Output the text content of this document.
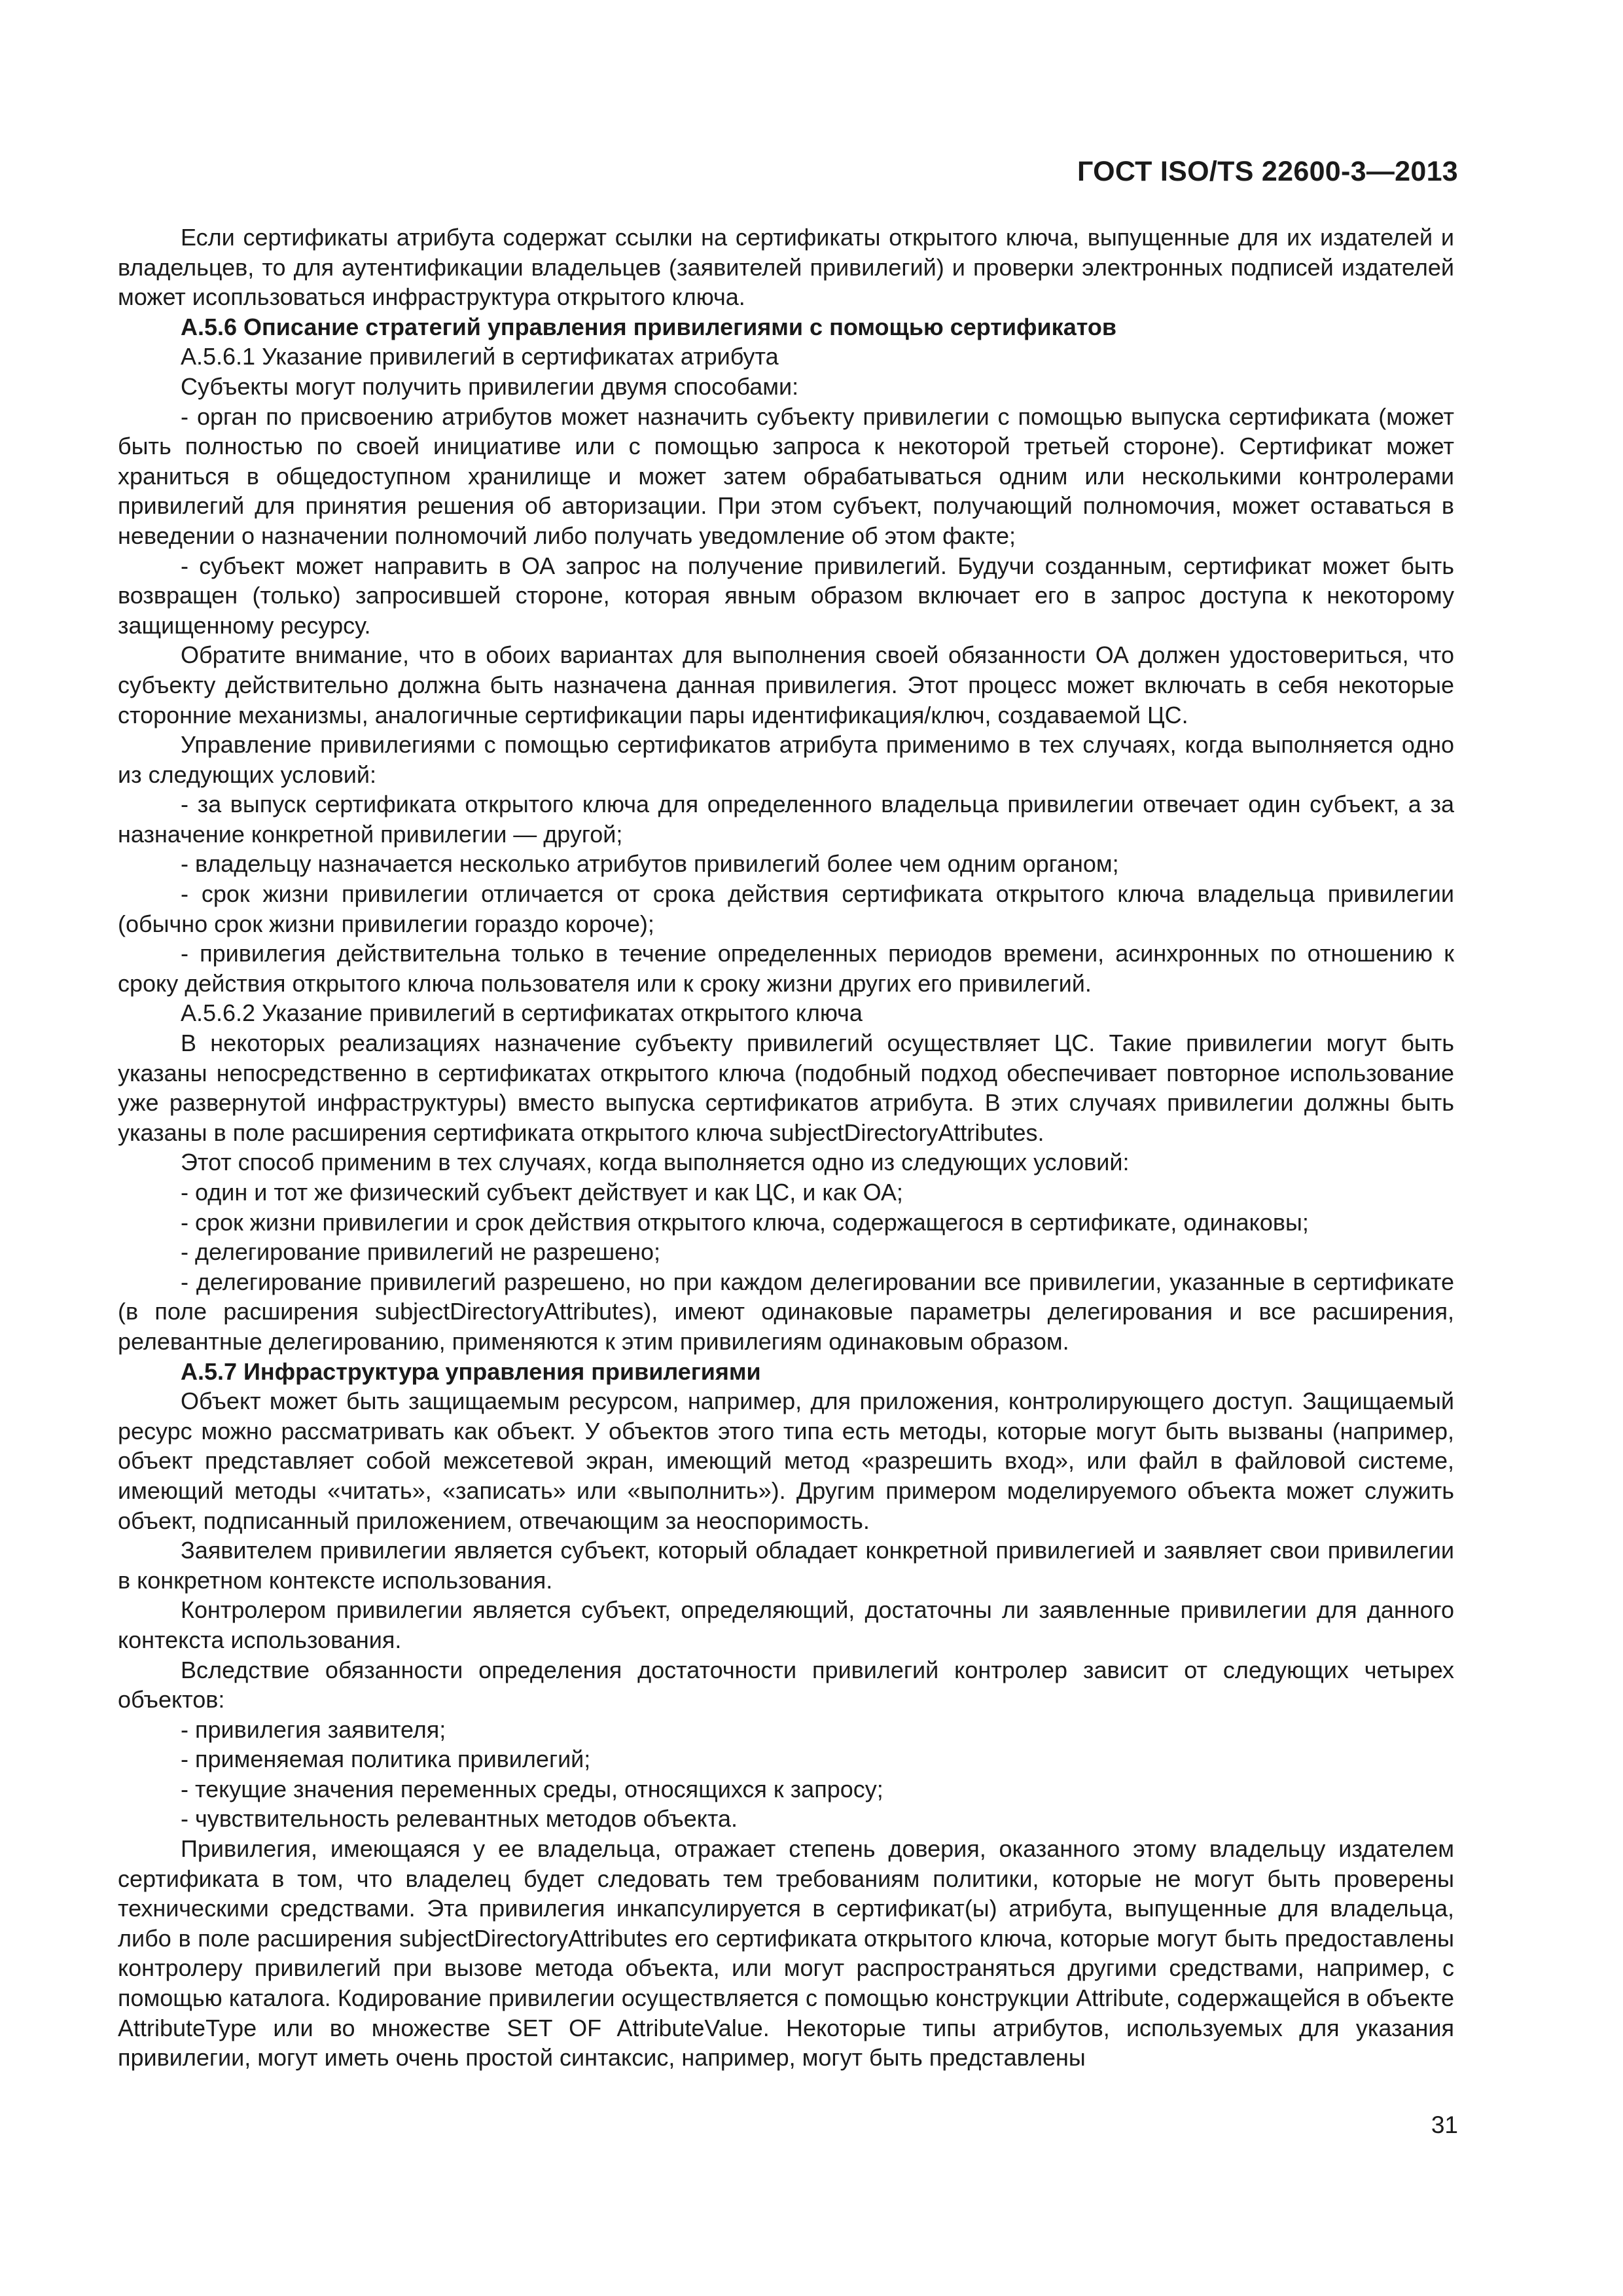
ГОСТ ISO/TS 22600-3—2013

Если сертификаты атрибута содержат ссылки на сертификаты открытого ключа, выпущенные для их издателей и владельцев, то для аутентификации владельцев (заявителей привилегий) и проверки электронных подписей издателей может исопльзоваться инфраструктура открытого ключа.

А.5.6 Описание стратегий управления привилегиями с помощью сертификатов

А.5.6.1 Указание привилегий в сертификатах атрибута

Субъекты могут получить привилегии двумя способами:

- орган по присвоению атрибутов может назначить субъекту привилегии с помощью выпуска сертификата (может быть полностью по своей инициативе или с помощью запроса к некоторой третьей стороне). Сертификат может храниться в общедоступном хранилище и может затем обрабатываться одним или несколькими контролерами привилегий для принятия решения об авторизации. При этом субъект, получающий полномочия, может оставаться в неведении о назначении полномочий либо получать уведомление об этом факте;

- субъект может направить в ОА запрос на получение привилегий. Будучи созданным, сертификат может быть возвращен (только) запросившей стороне, которая явным образом включает его в запрос доступа к некоторому защищенному ресурсу.

Обратите внимание, что в обоих вариантах для выполнения своей обязанности ОА должен удостовериться, что субъекту действительно должна быть назначена данная привилегия. Этот процесс может включать в себя некоторые сторонние механизмы, аналогичные сертификации пары идентификация/ключ, создаваемой ЦС.

Управление привилегиями с помощью сертификатов атрибута применимо в тех случаях, когда выполняется одно из следующих условий:

- за выпуск сертификата открытого ключа для определенного владельца привилегии отвечает один субъект, а за назначение конкретной привилегии — другой;

- владельцу назначается несколько атрибутов привилегий более чем одним органом;

- срок жизни привилегии отличается от срока действия сертификата открытого ключа владельца привилегии (обычно срок жизни привилегии гораздо короче);

- привилегия действительна только в течение определенных периодов времени, асинхронных по отношению к сроку действия открытого ключа пользователя или к сроку жизни других его привилегий.

А.5.6.2 Указание привилегий в сертификатах открытого ключа

В некоторых реализациях назначение субъекту привилегий осуществляет ЦС. Такие привилегии могут быть указаны непосредственно в сертификатах открытого ключа (подобный подход обеспечивает повторное использование уже развернутой инфраструктуры) вместо выпуска сертификатов атрибута. В этих случаях привилегии должны быть указаны в поле расширения сертификата открытого ключа subjectDirectoryAttributes.

Этот способ применим в тех случаях, когда выполняется одно из следующих условий:

- один и тот же физический субъект действует и как ЦС, и как ОА;

- срок жизни привилегии и срок действия открытого ключа, содержащегося в сертификате, одинаковы;

- делегирование привилегий не разрешено;

- делегирование привилегий разрешено, но при каждом делегировании все привилегии, указанные в сертификате (в поле расширения subjectDirectoryAttributes), имеют одинаковые параметры делегирования и все расширения, релевантные делегированию, применяются к этим привилегиям одинаковым образом.

А.5.7 Инфраструктура управления привилегиями

Объект может быть защищаемым ресурсом, например, для приложения, контролирующего доступ. Защищаемый ресурс можно рассматривать как объект. У объектов этого типа есть методы, которые могут быть вызваны (например, объект представляет собой межсетевой экран, имеющий метод «разрешить вход», или файл в файловой системе, имеющий методы «читать», «записать» или «выполнить»). Другим примером моделируемого объекта может служить объект, подписанный приложением, отвечающим за неоспоримость.

Заявителем привилегии является субъект, который обладает конкретной привилегией и заявляет свои привилегии в конкретном контексте использования.

Контролером привилегии является субъект, определяющий, достаточны ли заявленные привилегии для данного контекста использования.

Вследствие обязанности определения достаточности привилегий контролер зависит от следующих четырех объектов:

- привилегия заявителя;

- применяемая политика привилегий;

- текущие значения переменных среды, относящихся к запросу;

- чувствительность релевантных методов объекта.

Привилегия, имеющаяся у ее владельца, отражает степень доверия, оказанного этому владельцу издателем сертификата в том, что владелец будет следовать тем требованиям политики, которые не могут быть проверены техническими средствами. Эта привилегия инкапсулируется в сертификат(ы) атрибута, выпущенные для владельца, либо в поле расширения subjectDirectoryAttributes его сертификата открытого ключа, которые могут быть предоставлены контролеру привилегий при вызове метода объекта, или могут распространяться другими средствами, например, с помощью каталога. Кодирование привилегии осуществляется с помощью конструкции Attribute, содержащейся в объекте AttributeType или во множестве SET OF AttributeValue. Некоторые типы атрибутов, используемых для указания привилегии, могут иметь очень простой синтаксис, например, могут быть представлены

31
